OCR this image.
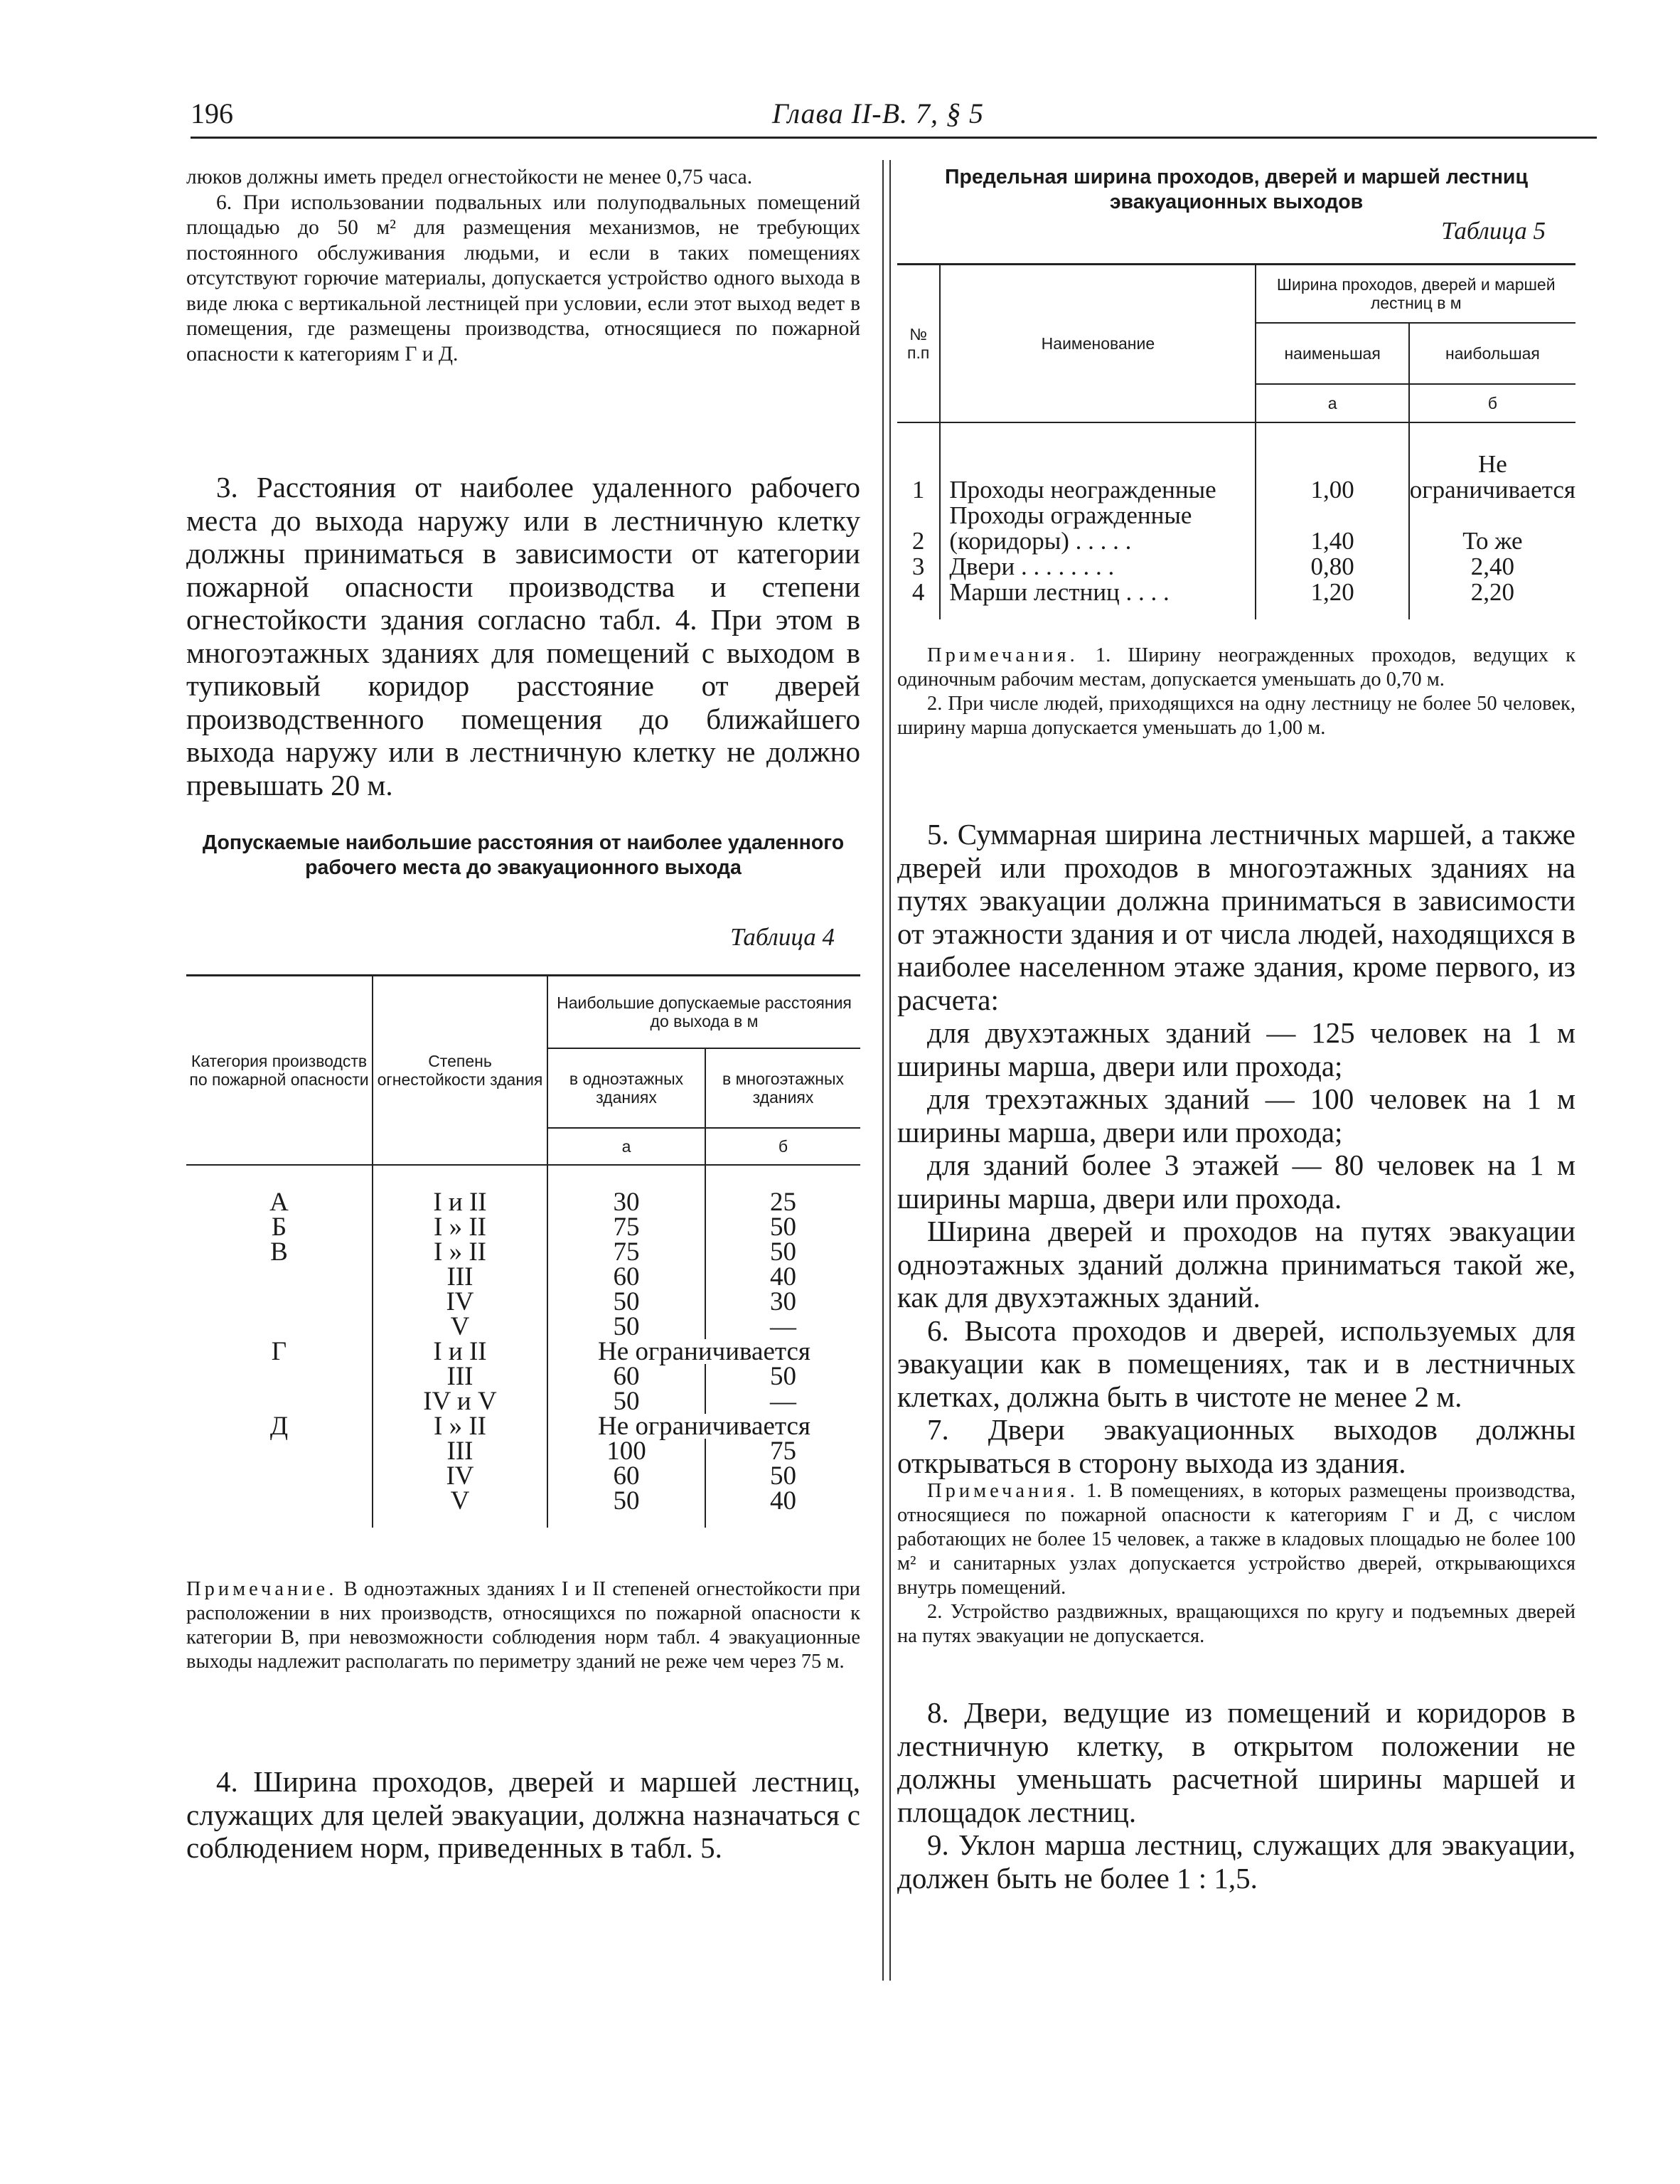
196	Глава II-В. 7, § 5

люков должны иметь предел огнестойкости не менее 0,75 часа.

6. При использовании подвальных или полуподвальных помещений площадью до 50 м² для размещения механизмов, не требующих постоянного обслуживания людьми, и если в таких помещениях отсутствуют горючие материалы, допускается устройство одного выхода в виде люка с вертикальной лестницей при условии, если этот выход ведет в помещения, где размещены производства, относящиеся по пожарной опасности к категориям Г и Д.

3. Расстояния от наиболее удаленного рабочего места до выхода наружу или в лестничную клетку должны приниматься в зависимости от категории пожарной опасности производства и степени огнестойкости здания согласно табл. 4. При этом в многоэтажных зданиях для помещений с выходом в тупиковый коридор расстояние от дверей производственного помещения до ближайшего выхода наружу или в лестничную клетку не должно превышать 20 м.

Допускаемые наибольшие расстояния от наиболее удаленного рабочего места до эвакуационного выхода
Таблица 4
Категория производств по пожарной опасности	Степень огнестойкости здания	Наибольшие допускаемые расстояния до выхода в м	
		в одноэтажных зданиях	в многоэтажных зданиях
		а	б

А	I и II	30	25
Б	I » II	75	50
В	I » II	75	50
	III	60	40
	IV	50	30
	V	50	—
Г	I и II	Не ограничивается	
	III	60	50
	IV и V	50	—
Д	I » II	Не ограничивается	
	III	100	75
	IV	60	50
	V	50	40

Примечание. В одноэтажных зданиях I и II степеней огнестойкости при расположении в них производств, относящихся по пожарной опасности к категории В, при невозможности соблюдения норм табл. 4 эвакуационные выходы надлежит располагать по периметру зданий не реже чем через 75 м.

4. Ширина проходов, дверей и маршей лестниц, служащих для целей эвакуации, должна назначаться с соблюдением норм, приведенных в табл. 5.

Предельная ширина проходов, дверей и маршей лестниц эвакуационных выходов
Таблица 5
№ п.п	Наименование	Ширина проходов, дверей и маршей лестниц в м	
		наименьшая	наибольшая
		а	б

1	Проходы неогражденные	1,00	Не ограничивается
2	Проходы огражденные (коридоры) . . . . .	1,40	То же
3	Двери . . . . . . . .	0,80	2,40
4	Марши лестниц . . . .	1,20	2,20

Примечания. 1. Ширину неогражденных проходов, ведущих к одиночным рабочим местам, допускается уменьшать до 0,70 м.

2. При числе людей, приходящихся на одну лестницу не более 50 человек, ширину марша допускается уменьшать до 1,00 м.

5. Суммарная ширина лестничных маршей, а также дверей или проходов в многоэтажных зданиях на путях эвакуации должна приниматься в зависимости от этажности здания и от числа людей, находящихся в наиболее населенном этаже здания, кроме первого, из расчета:

для двухэтажных зданий — 125 человек на 1 м ширины марша, двери или прохода;

для трехэтажных зданий — 100 человек на 1 м ширины марша, двери или прохода;

для зданий более 3 этажей — 80 человек на 1 м ширины марша, двери или прохода.

Ширина дверей и проходов на путях эвакуации одноэтажных зданий должна приниматься такой же, как для двухэтажных зданий.

6. Высота проходов и дверей, используемых для эвакуации как в помещениях, так и в лестничных клетках, должна быть в чистоте не менее 2 м.

7. Двери эвакуационных выходов должны открываться в сторону выхода из здания.

Примечания. 1. В помещениях, в которых размещены производства, относящиеся по пожарной опасности к категориям Г и Д, с числом работающих не более 15 человек, а также в кладовых площадью не более 100 м² и санитарных узлах допускается устройство дверей, открывающихся внутрь помещений.

2. Устройство раздвижных, вращающихся по кругу и подъемных дверей на путях эвакуации не допускается.

8. Двери, ведущие из помещений и коридоров в лестничную клетку, в открытом положении не должны уменьшать расчетной ширины маршей и площадок лестниц.

9. Уклон марша лестниц, служащих для эвакуации, должен быть не более 1 : 1,5.
